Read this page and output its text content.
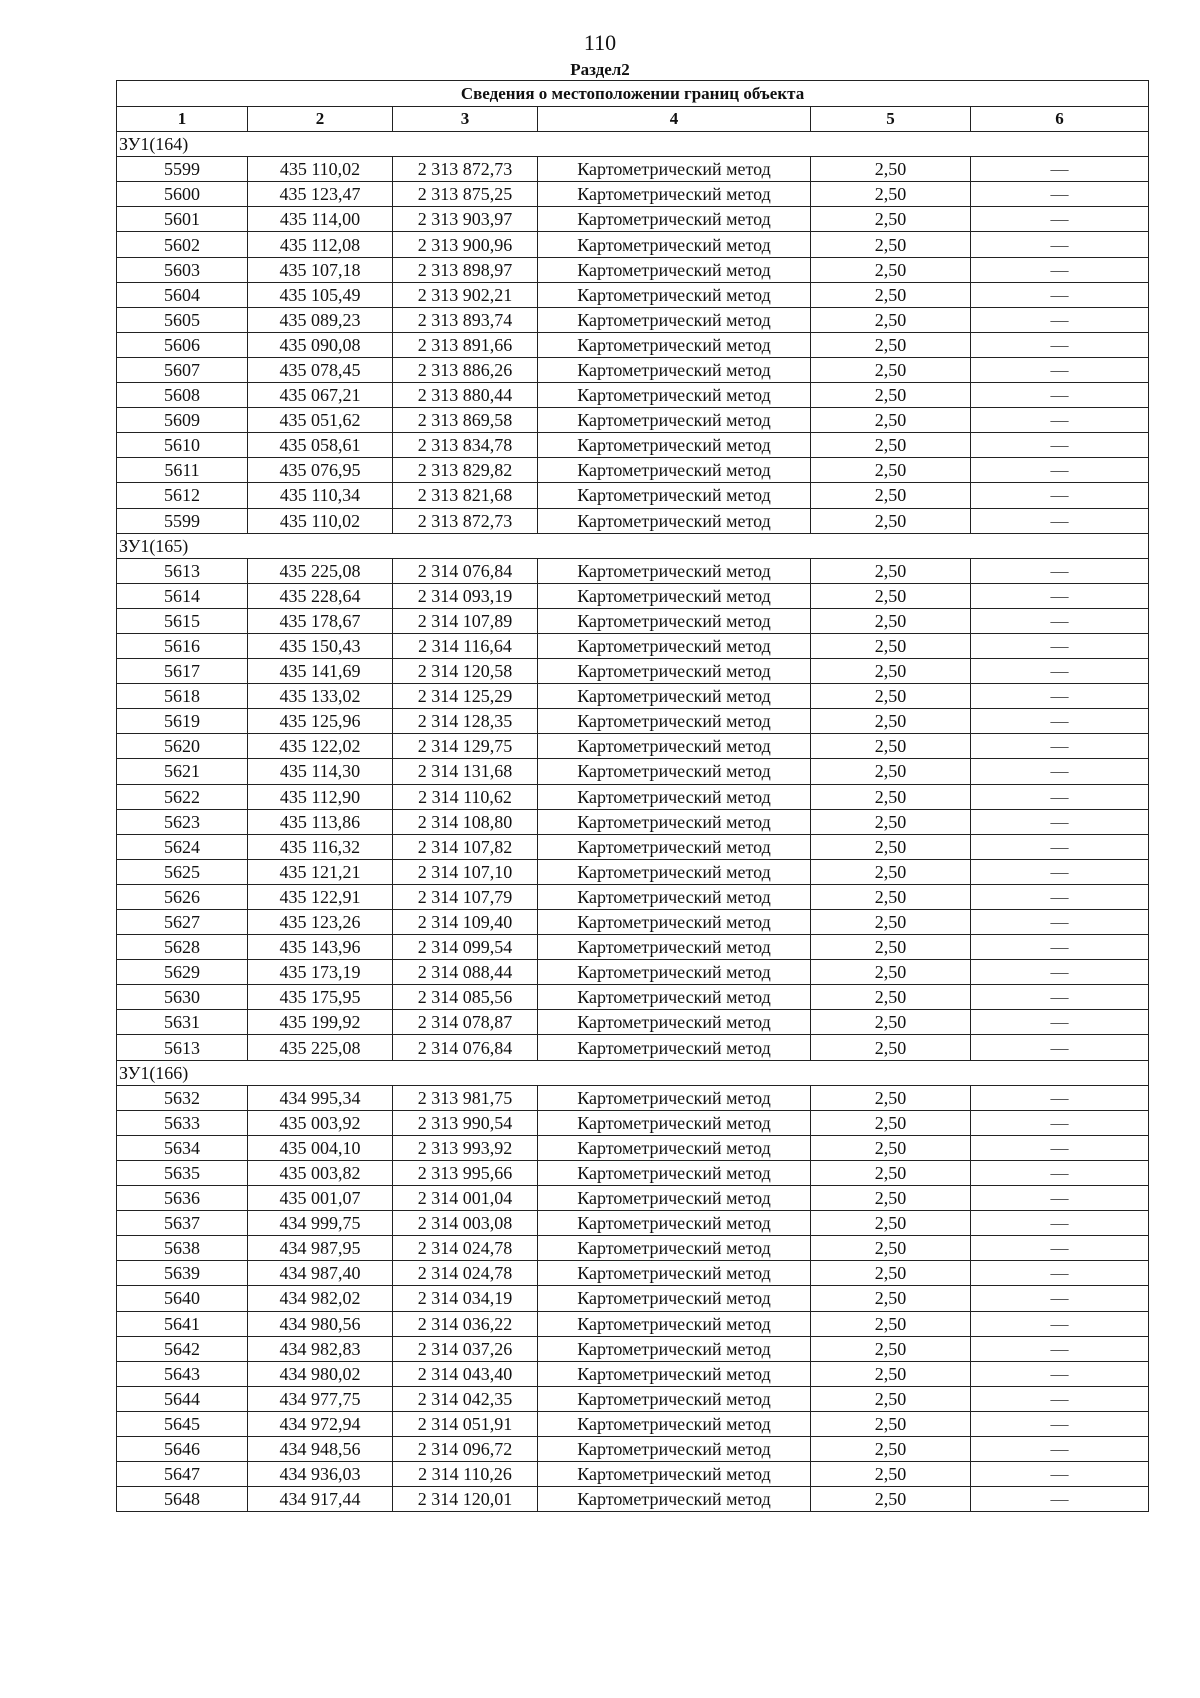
110
Раздел2
Сведения о местоположении границ объекта					
1	2	3	4	5	6
ЗУ1(164)					
5599	435 110,02	2 313 872,73	Картометрический метод	2,50	—
5600	435 123,47	2 313 875,25	Картометрический метод	2,50	—
5601	435 114,00	2 313 903,97	Картометрический метод	2,50	—
5602	435 112,08	2 313 900,96	Картометрический метод	2,50	—
5603	435 107,18	2 313 898,97	Картометрический метод	2,50	—
5604	435 105,49	2 313 902,21	Картометрический метод	2,50	—
5605	435 089,23	2 313 893,74	Картометрический метод	2,50	—
5606	435 090,08	2 313 891,66	Картометрический метод	2,50	—
5607	435 078,45	2 313 886,26	Картометрический метод	2,50	—
5608	435 067,21	2 313 880,44	Картометрический метод	2,50	—
5609	435 051,62	2 313 869,58	Картометрический метод	2,50	—
5610	435 058,61	2 313 834,78	Картометрический метод	2,50	—
5611	435 076,95	2 313 829,82	Картометрический метод	2,50	—
5612	435 110,34	2 313 821,68	Картометрический метод	2,50	—
5599	435 110,02	2 313 872,73	Картометрический метод	2,50	—
ЗУ1(165)					
5613	435 225,08	2 314 076,84	Картометрический метод	2,50	—
5614	435 228,64	2 314 093,19	Картометрический метод	2,50	—
5615	435 178,67	2 314 107,89	Картометрический метод	2,50	—
5616	435 150,43	2 314 116,64	Картометрический метод	2,50	—
5617	435 141,69	2 314 120,58	Картометрический метод	2,50	—
5618	435 133,02	2 314 125,29	Картометрический метод	2,50	—
5619	435 125,96	2 314 128,35	Картометрический метод	2,50	—
5620	435 122,02	2 314 129,75	Картометрический метод	2,50	—
5621	435 114,30	2 314 131,68	Картометрический метод	2,50	—
5622	435 112,90	2 314 110,62	Картометрический метод	2,50	—
5623	435 113,86	2 314 108,80	Картометрический метод	2,50	—
5624	435 116,32	2 314 107,82	Картометрический метод	2,50	—
5625	435 121,21	2 314 107,10	Картометрический метод	2,50	—
5626	435 122,91	2 314 107,79	Картометрический метод	2,50	—
5627	435 123,26	2 314 109,40	Картометрический метод	2,50	—
5628	435 143,96	2 314 099,54	Картометрический метод	2,50	—
5629	435 173,19	2 314 088,44	Картометрический метод	2,50	—
5630	435 175,95	2 314 085,56	Картометрический метод	2,50	—
5631	435 199,92	2 314 078,87	Картометрический метод	2,50	—
5613	435 225,08	2 314 076,84	Картометрический метод	2,50	—
ЗУ1(166)					
5632	434 995,34	2 313 981,75	Картометрический метод	2,50	—
5633	435 003,92	2 313 990,54	Картометрический метод	2,50	—
5634	435 004,10	2 313 993,92	Картометрический метод	2,50	—
5635	435 003,82	2 313 995,66	Картометрический метод	2,50	—
5636	435 001,07	2 314 001,04	Картометрический метод	2,50	—
5637	434 999,75	2 314 003,08	Картометрический метод	2,50	—
5638	434 987,95	2 314 024,78	Картометрический метод	2,50	—
5639	434 987,40	2 314 024,78	Картометрический метод	2,50	—
5640	434 982,02	2 314 034,19	Картометрический метод	2,50	—
5641	434 980,56	2 314 036,22	Картометрический метод	2,50	—
5642	434 982,83	2 314 037,26	Картометрический метод	2,50	—
5643	434 980,02	2 314 043,40	Картометрический метод	2,50	—
5644	434 977,75	2 314 042,35	Картометрический метод	2,50	—
5645	434 972,94	2 314 051,91	Картометрический метод	2,50	—
5646	434 948,56	2 314 096,72	Картометрический метод	2,50	—
5647	434 936,03	2 314 110,26	Картометрический метод	2,50	—
5648	434 917,44	2 314 120,01	Картометрический метод	2,50	—
